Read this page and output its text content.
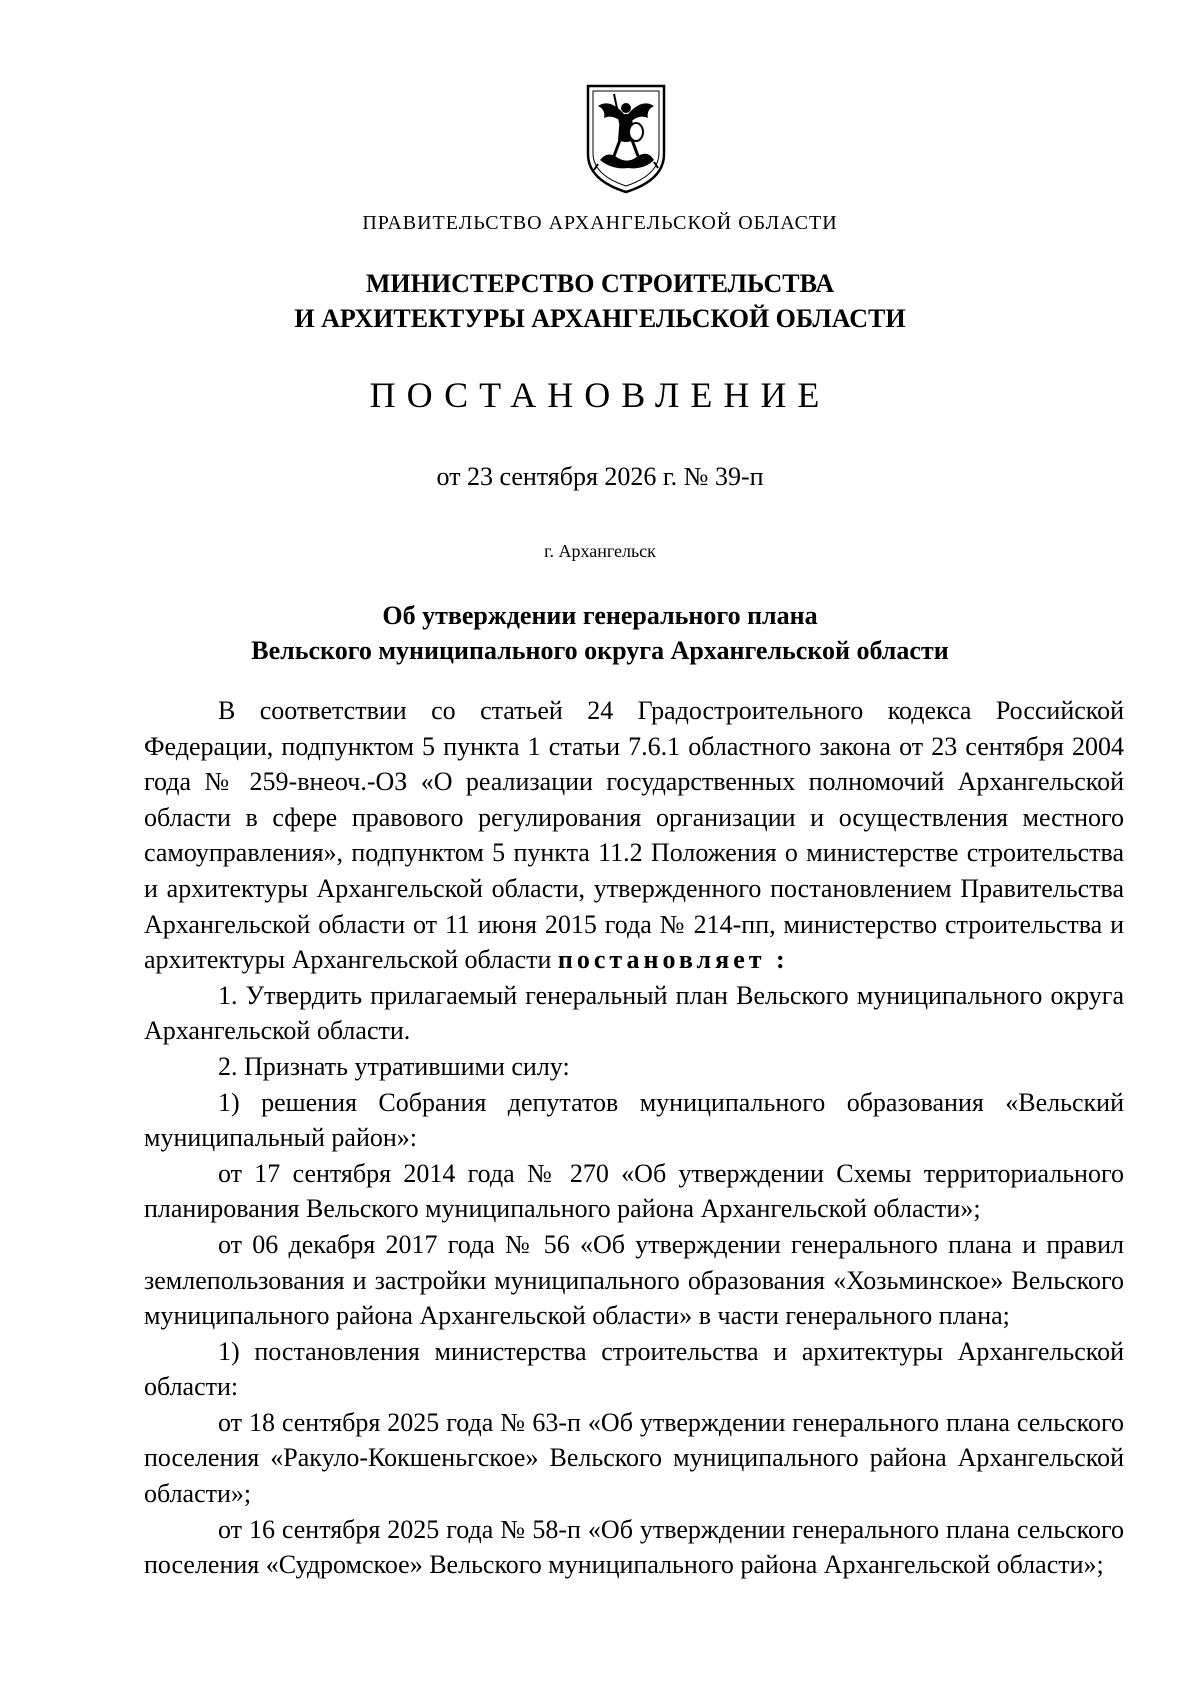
ПРАВИТЕЛЬСТВО АРХАНГЕЛЬСКОЙ ОБЛАСТИ
МИНИСТЕРСТВО СТРОИТЕЛЬСТВА
И АРХИТЕКТУРЫ АРХАНГЕЛЬСКОЙ ОБЛАСТИ
ПОСТАНОВЛЕНИЕ
от 23 сентября 2026 г. № 39-п
г. Архангельск
Об утверждении генерального плана
Вельского муниципального округа Архангельской области

В соответствии со статьей 24 Градостроительного кодекса Российской Федерации, подпунктом 5 пункта 1 статьи 7.6.1 областного закона от 23 сентября 2004 года № 259-внеоч.-ОЗ «О реализации государственных полномочий Архангельской области в сфере правового регулирования организации и осуществления местного самоуправления», подпунктом 5 пункта 11.2 Положения о министерстве строительства и архитектуры Архангельской области, утвержденного постановлением Правительства Архангельской области от 11 июня 2015 года № 214-пп, министерство строительства и архитектуры Архангельской области постановляет :

1. Утвердить прилагаемый генеральный план Вельского муниципального округа Архангельской области.

2. Признать утратившими силу:

1) решения Собрания депутатов муниципального образования «Вельский муниципальный район»:

от 17 сентября 2014 года № 270 «Об утверждении Схемы территориального планирования Вельского муниципального района Архангельской области»;

от 06 декабря 2017 года № 56 «Об утверждении генерального плана и правил землепользования и застройки муниципального образования «Хозьминское» Вельского муниципального района Архангельской области» в части генерального плана;

1) постановления министерства строительства и архитектуры Архангельской области:

от 18 сентября 2025 года № 63-п «Об утверждении генерального плана сельского поселения «Ракуло-Кокшеньгское» Вельского муниципального района Архангельской области»;

от 16 сентября 2025 года № 58-п «Об утверждении генерального плана сельского поселения «Судромское» Вельского муниципального района Архангельской области»;
